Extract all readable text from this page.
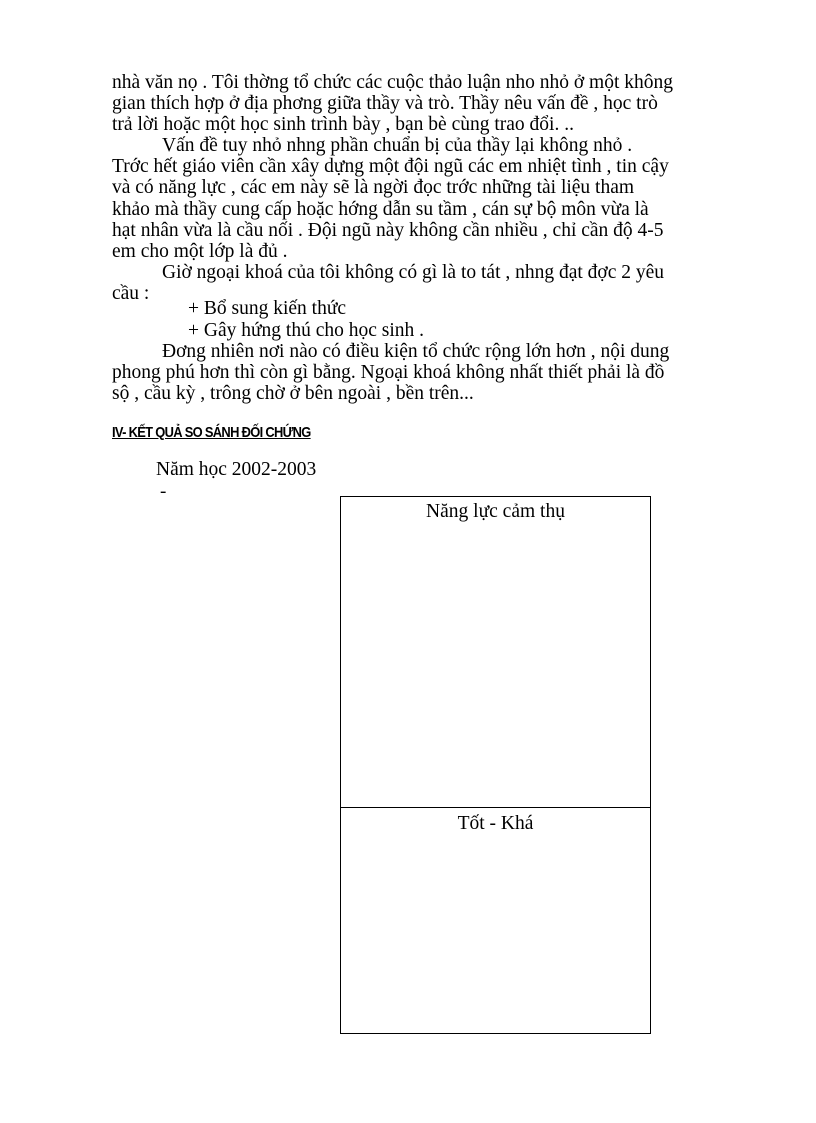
nhà văn nọ . Tôi thờng tổ chức các cuộc thảo luận nho nhỏ ở một không
gian thích hợp ở địa phơng giữa thầy và trò. Thầy nêu vấn đề , học trò
trả lời hoặc một học sinh trình bày , bạn bè cùng trao đổi. ..
Vấn đề tuy nhỏ nhng phần chuẩn bị của thầy lại không nhỏ .
Trớc hết giáo viên cần xây dựng một đội ngũ các em nhiệt tình , tin cậy
và có năng lực , các em này sẽ là ngời đọc trớc những tài liệu tham
khảo mà thầy cung cấp hoặc hớng dẫn su tầm , cán sự bộ môn vừa là
hạt nhân vừa là cầu nối . Đội ngũ này không cần nhiều , chỉ cần độ 4-5
em cho một lớp là đủ .
Giờ ngoại khoá của tôi không có gì là to tát , nhng đạt đợc 2 yêu
cầu :
+ Bổ sung kiến thức
+ Gây hứng thú cho học sinh .
Đơng nhiên nơi nào có điều kiện tổ chức rộng lớn hơn , nội dung
phong phú hơn thì còn gì bằng. Ngoại khoá không nhất thiết phải là đồ
sộ , cầu kỳ , trông chờ ở bên ngoài , bền trên...
IV- KẾT QUẢ SO SÁNH ĐỐI CHỨNG
Năm học 2002-2003
-
Năng lực cảm thụ
Tốt - Khá
